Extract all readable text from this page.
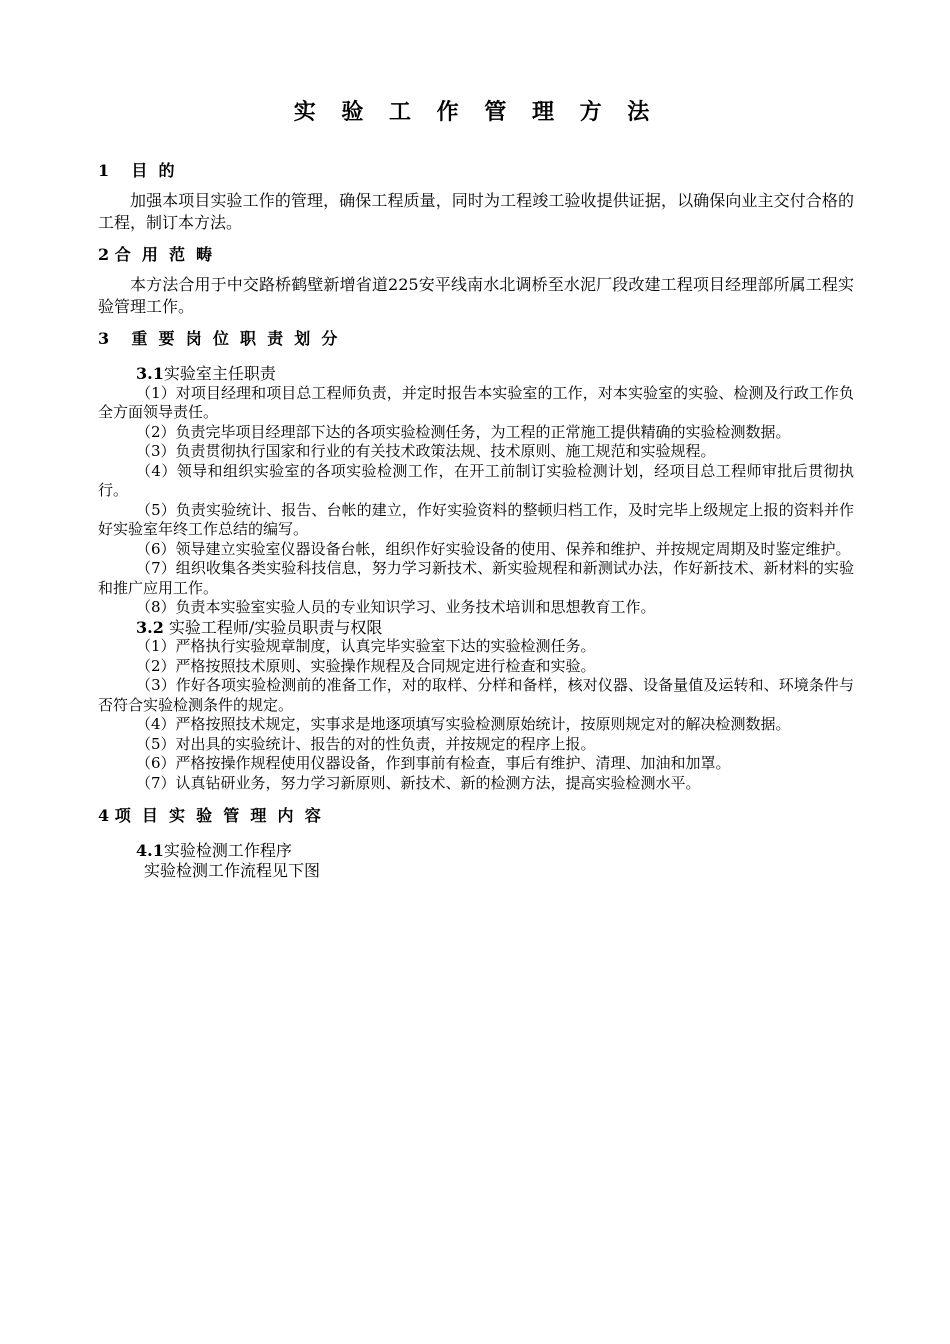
实 验 工 作 管 理 方 法
1    目  的

加强本项目实验工作的管理，确保工程质量，同时为工程竣工验收提供证据，以确保向业主交付合格的工程，制订本方法。

2 合  用  范  畴

本方法合用于中交路桥鹤壁新增省道225安平线南水北调桥至水泥厂段改建工程项目经理部所属工程实验管理工作。

3    重  要  岗  位  职  责  划  分

3.1实验室主任职责

（1）对项目经理和项目总工程师负责，并定时报告本实验室的工作，对本实验室的实验、检测及行政工作负全方面领导责任。

（2）负责完毕项目经理部下达的各项实验检测任务，为工程的正常施工提供精确的实验检测数据。

（3）负责贯彻执行国家和行业的有关技术政策法规、技术原则、施工规范和实验规程。

（4）领导和组织实验室的各项实验检测工作，在开工前制订实验检测计划，经项目总工程师审批后贯彻执行。

（5）负责实验统计、报告、台帐的建立，作好实验资料的整顿归档工作，及时完毕上级规定上报的资料并作好实验室年终工作总结的编写。

（6）领导建立实验室仪器设备台帐，组织作好实验设备的使用、保养和维护、并按规定周期及时鉴定维护。

（7）组织收集各类实验科技信息，努力学习新技术、新实验规程和新测试办法，作好新技术、新材料的实验和推广应用工作。

（8）负责本实验室实验人员的专业知识学习、业务技术培训和思想教育工作。

3.2 实验工程师/实验员职责与权限

（1）严格执行实验规章制度，认真完毕实验室下达的实验检测任务。

（2）严格按照技术原则、实验操作规程及合同规定进行检查和实验。

（3）作好各项实验检测前的准备工作，对的取样、分样和备样，核对仪器、设备量值及运转和、环境条件与否符合实验检测条件的规定。

（4）严格按照技术规定，实事求是地逐项填写实验检测原始统计，按原则规定对的解决检测数据。

（5）对出具的实验统计、报告的对的性负责，并按规定的程序上报。

（6）严格按操作规程使用仪器设备，作到事前有检查，事后有维护、清理、加油和加罩。

（7）认真钻研业务，努力学习新原则、新技术、新的检测方法，提高实验检测水平。

4 项  目  实  验  管  理  内  容

4.1实验检测工作程序

实验检测工作流程见下图
